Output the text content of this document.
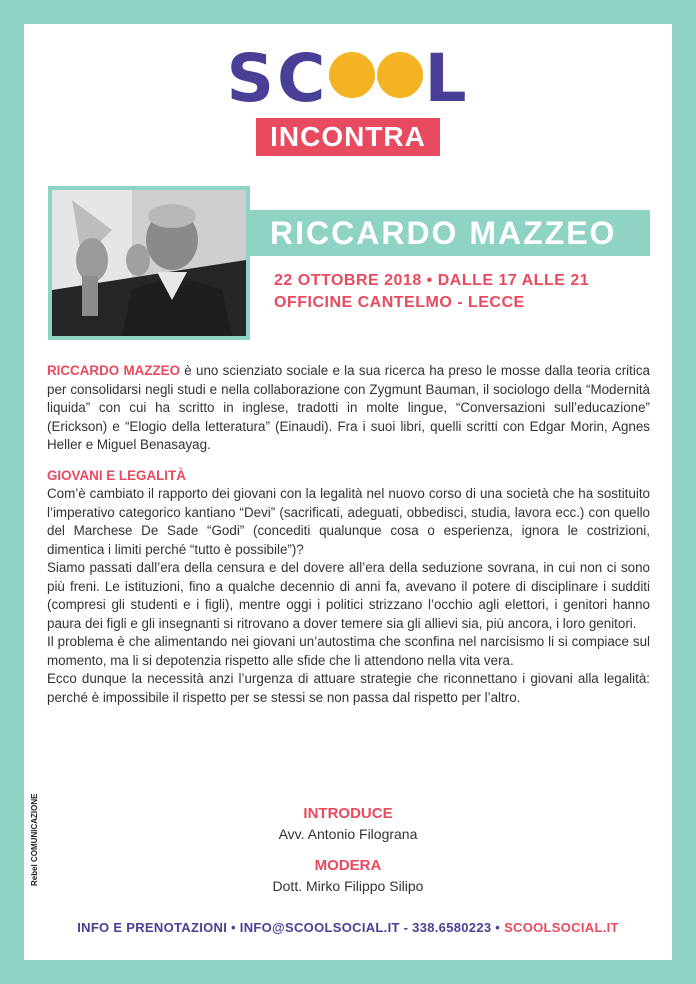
SC L
INCONTRA
RICCARDO MAZZEO
22 OTTOBRE 2018 • DALLE 17 ALLE 21
OFFICINE CANTELMO - LECCE

RICCARDO MAZZEO è uno scienziato sociale e la sua ricerca ha preso le mosse dalla teoria critica per consolidarsi negli studi e nella collaborazione con Zygmunt Bauman, il sociologo della “Modernità liquida” con cui ha scritto in inglese, tradotti in molte lingue, “Conversazioni sull’educazione” (Erickson) e “Elogio della letteratura” (Einaudi). Fra i suoi libri, quelli scritti con Edgar Morin, Agnes Heller e Miguel Benasayag.

GIOVANI E LEGALITÀ

Com’è cambiato il rapporto dei giovani con la legalità nel nuovo corso di una società che ha sostituito l’imperativo categorico kantiano “Devi” (sacrificati, adeguati, obbedisci, studia, lavora ecc.) con quello del Marchese De Sade “Godi” (concediti qualunque cosa o esperienza, ignora le costrizioni, dimentica i limiti perché “tutto è possibile”)?

Siamo passati dall’era della censura e del dovere all’era della seduzione sovrana, in cui non ci sono più freni. Le istituzioni, fino a qualche decennio di anni fa, avevano il potere di disciplinare i sudditi (compresi gli studenti e i figli), mentre oggi i politici strizzano l’occhio agli elettori, i genitori hanno paura dei figli e gli insegnanti si ritrovano a dover temere sia gli allievi sia, più ancora, i loro genitori.

Il problema è che alimentando nei giovani un’autostima che sconfina nel narcisismo li si compiace sul momento, ma li si depotenzia rispetto alle sfide che li attendono nella vita vera.

Ecco dunque la necessità anzi l’urgenza di attuare strategie che riconnettano i giovani alla legalità: perché è impossibile il rispetto per se stessi se non passa dal rispetto per l’altro.

INTRODUCE
Avv. Antonio Filograna
MODERA
Dott. Mirko Filippo Silipo
Rebel COMUNICAZIONE
INFO E PRENOTAZIONI • INFO@SCOOLSOCIAL.IT - 338.6580223 • SCOOLSOCIAL.IT
